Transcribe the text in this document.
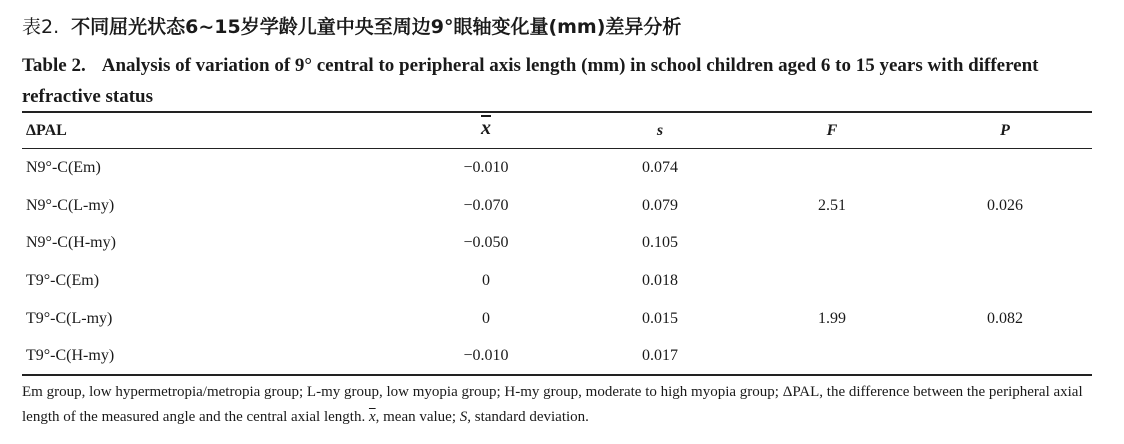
表2. 不同屈光状态6~15岁学龄儿童中央至周边9°眼轴变化量(mm)差异分析
Table 2. Analysis of variation of 9° central to peripheral axis length (mm) in school children aged 6 to 15 years with different refractive status
ΔPAL	$\overline{x}$	s	F	P
N9°-C(Em)	−0.010	0.074
N9°-C(L-my)	−0.070	0.079	2.51	0.026
N9°-C(H-my)	−0.050	0.105
T9°-C(Em)	0	0.018
T9°-C(L-my)	0	0.015	1.99	0.082
T9°-C(H-my)	−0.010	0.017
Em group, low hypermetropia/metropia group; L-my group, low myopia group; H-my group, moderate to high myopia group; ΔPAL, the difference between the peripheral axial length of the measured angle and the central axial length. $\overline{x}$, mean value; S, standard deviation.
